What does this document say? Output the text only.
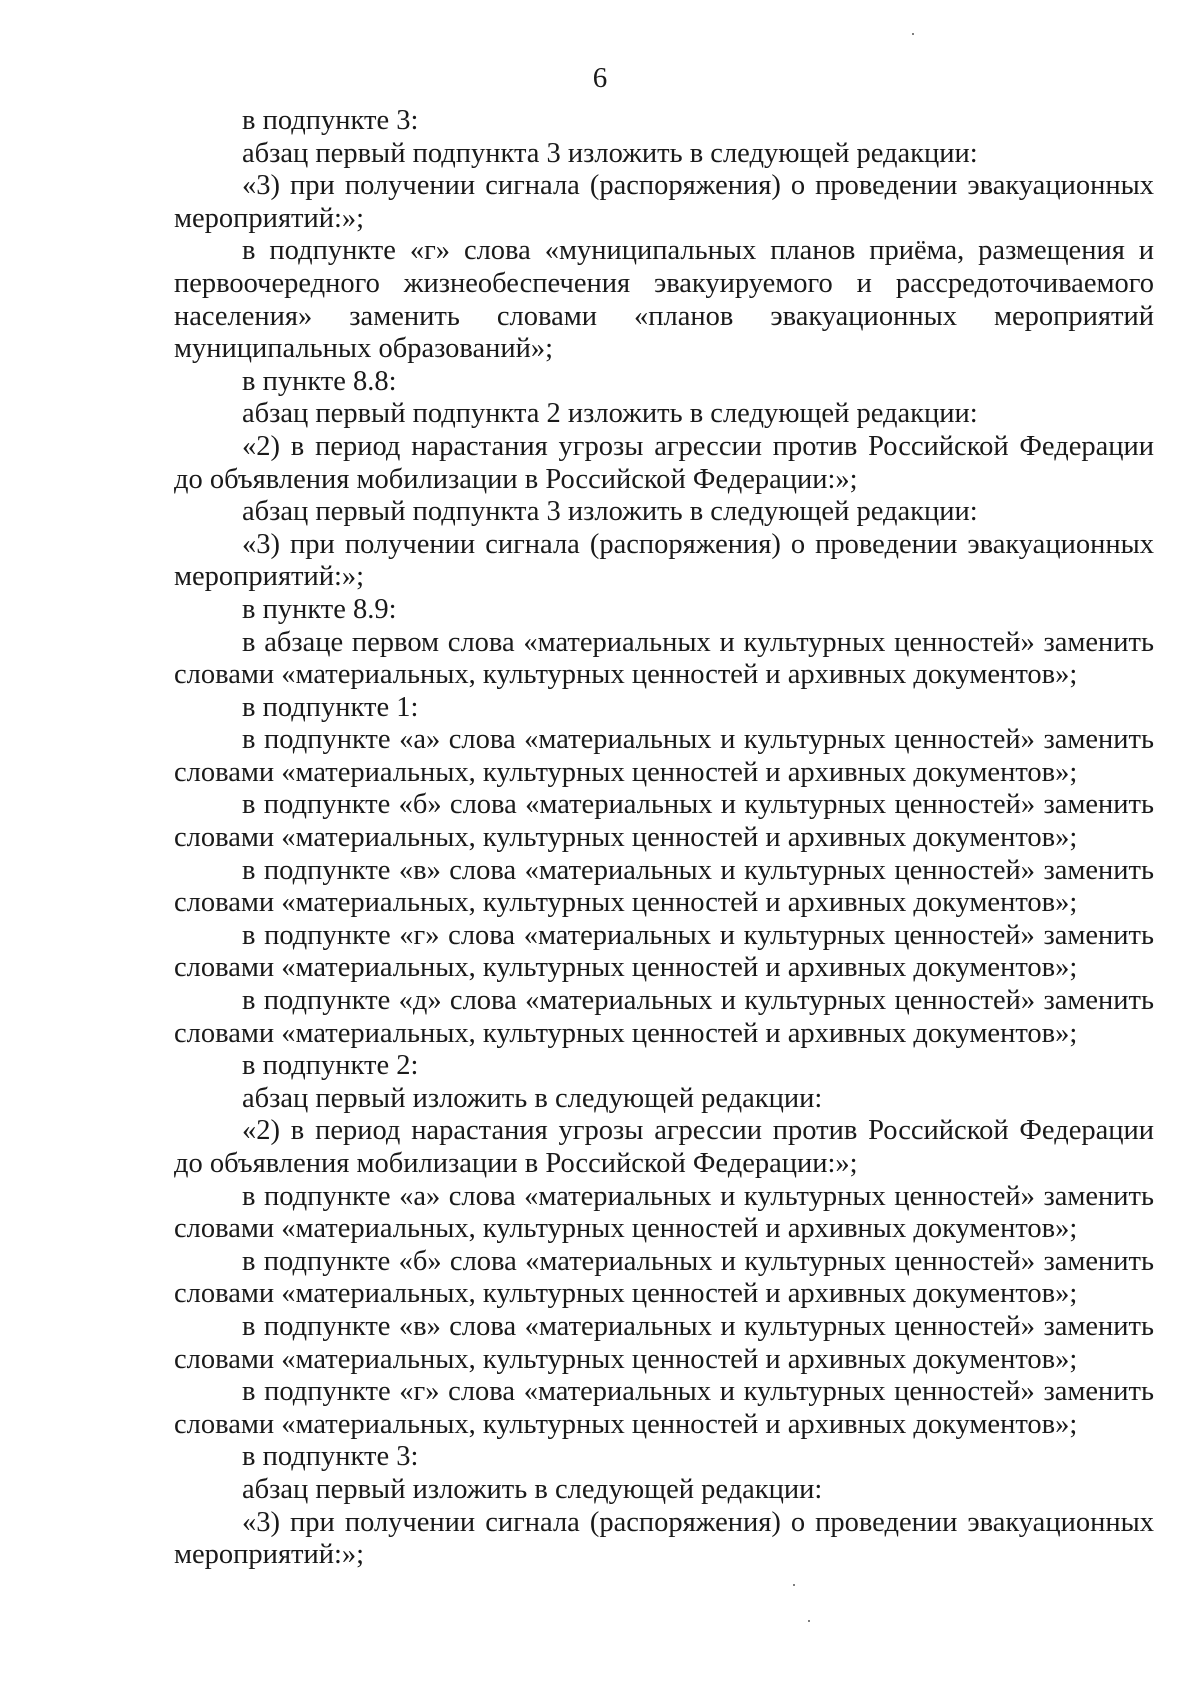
6

в подпункте 3:

абзац первый подпункта 3 изложить в следующей редакции:

«3) при получении сигнала (распоряжения) о проведении эвакуационных мероприятий:»;

в подпункте «г» слова «муниципальных планов приёма, размещения и первоочередного жизнеобеспечения эвакуируемого и рассредоточиваемого населения» заменить словами «планов эвакуационных мероприятий муниципальных образований»;

в пункте 8.8:

абзац первый подпункта 2 изложить в следующей редакции:

«2) в период нарастания угрозы агрессии против Российской Федерации до объявления мобилизации в Российской Федерации:»;

абзац первый подпункта 3 изложить в следующей редакции:

«3) при получении сигнала (распоряжения) о проведении эвакуационных мероприятий:»;

в пункте 8.9:

в абзаце первом слова «материальных и культурных ценностей» заменить словами «материальных, культурных ценностей и архивных документов»;

в подпункте 1:

в подпункте «а» слова «материальных и культурных ценностей» заменить словами «материальных, культурных ценностей и архивных документов»;

в подпункте «б» слова «материальных и культурных ценностей» заменить словами «материальных, культурных ценностей и архивных документов»;

в подпункте «в» слова «материальных и культурных ценностей» заменить словами «материальных, культурных ценностей и архивных документов»;

в подпункте «г» слова «материальных и культурных ценностей» заменить словами «материальных, культурных ценностей и архивных документов»;

в подпункте «д» слова «материальных и культурных ценностей» заменить словами «материальных, культурных ценностей и архивных документов»;

в подпункте 2:

абзац первый изложить в следующей редакции:

«2) в период нарастания угрозы агрессии против Российской Федерации до объявления мобилизации в Российской Федерации:»;

в подпункте «а» слова «материальных и культурных ценностей» заменить словами «материальных, культурных ценностей и архивных документов»;

в подпункте «б» слова «материальных и культурных ценностей» заменить словами «материальных, культурных ценностей и архивных документов»;

в подпункте «в» слова «материальных и культурных ценностей» заменить словами «материальных, культурных ценностей и архивных документов»;

в подпункте «г» слова «материальных и культурных ценностей» заменить словами «материальных, культурных ценностей и архивных документов»;

в подпункте 3:

абзац первый изложить в следующей редакции:

«3) при получении сигнала (распоряжения) о проведении эвакуационных мероприятий:»;
